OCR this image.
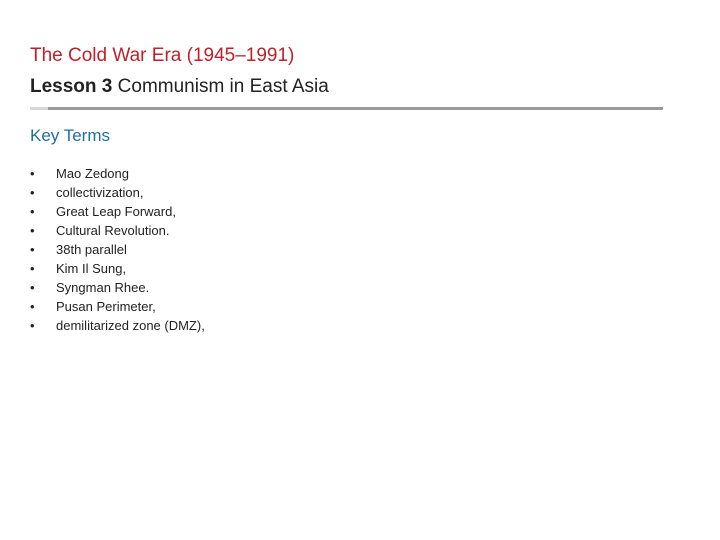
The Cold War Era (1945–1991)
Lesson 3 Communism in East Asia
Key Terms
•	Mao Zedong
•	collectivization,
•	Great Leap Forward,
•	Cultural Revolution.
•	38th parallel
•	Kim Il Sung,
•	Syngman Rhee.
•	Pusan Perimeter,
•	demilitarized zone (DMZ),
